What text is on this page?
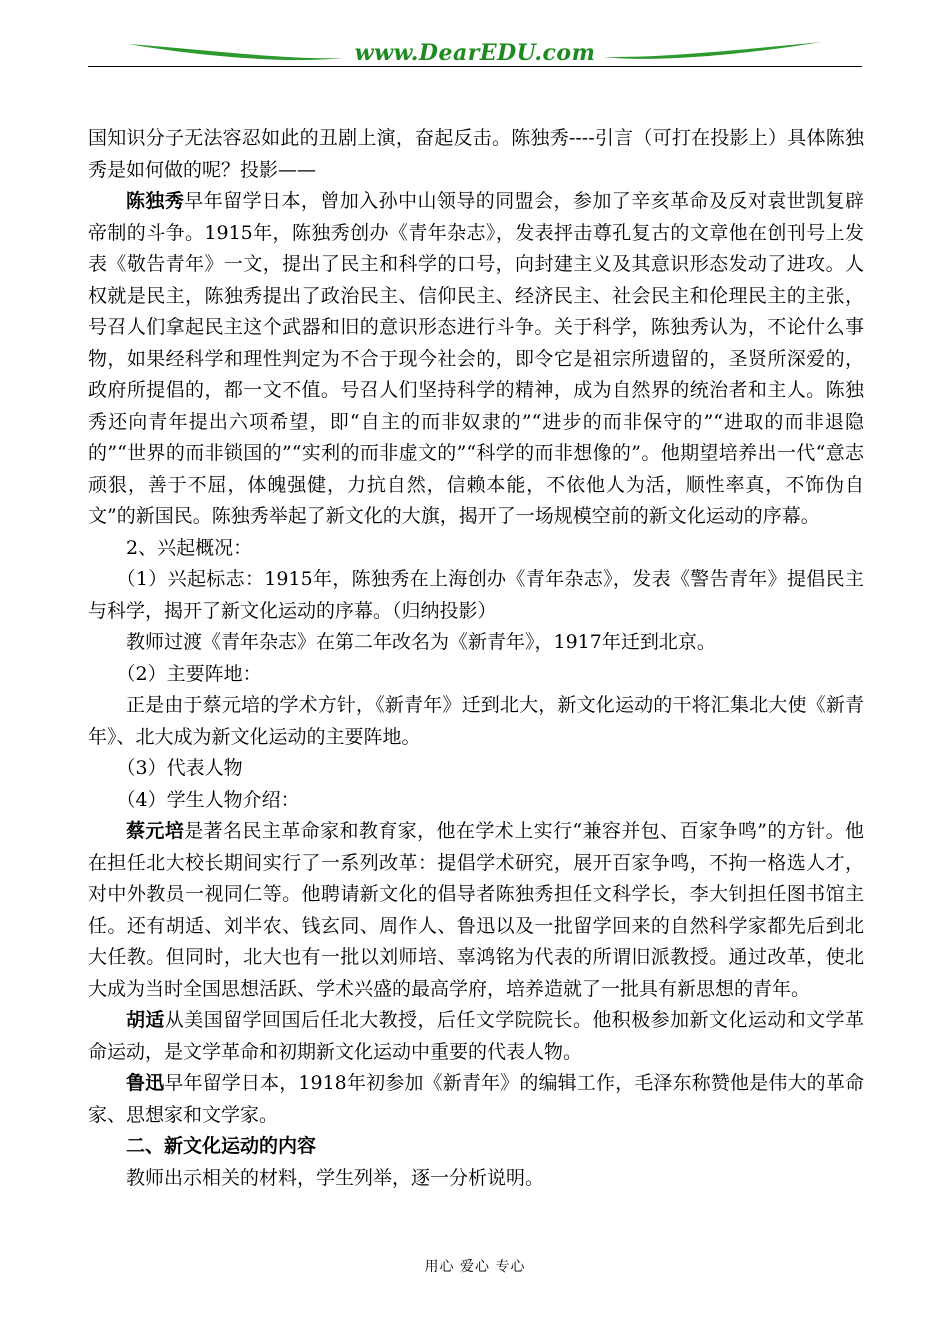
www.DearEDU.com

国知识分子无法容忍如此的丑剧上演，奋起反击。陈独秀----引言（可打在投影上）具体陈独秀是如何做的呢？投影——

陈独秀早年留学日本，曾加入孙中山领导的同盟会，参加了辛亥革命及反对袁世凯复辟帝制的斗争。1915年，陈独秀创办《青年杂志》，发表抨击尊孔复古的文章他在创刊号上发表《敬告青年》一文，提出了民主和科学的口号，向封建主义及其意识形态发动了进攻。人权就是民主，陈独秀提出了政治民主、信仰民主、经济民主、社会民主和伦理民主的主张，号召人们拿起民主这个武器和旧的意识形态进行斗争。关于科学，陈独秀认为，不论什么事物，如果经科学和理性判定为不合于现今社会的，即令它是祖宗所遗留的，圣贤所深爱的，政府所提倡的，都一文不值。号召人们坚持科学的精神，成为自然界的统治者和主人。陈独秀还向青年提出六项希望，即“自主的而非奴隶的”“进步的而非保守的”“进取的而非退隐的”“世界的而非锁国的”“实利的而非虚文的”“科学的而非想像的”。他期望培养出一代“意志顽狠，善于不屈，体魄强健，力抗自然，信赖本能，不依他人为活，顺性率真，不饰伪自文”的新国民。陈独秀举起了新文化的大旗，揭开了一场规模空前的新文化运动的序幕。

2、兴起概况：

（1）兴起标志：1915年，陈独秀在上海创办《青年杂志》，发表《警告青年》提倡民主与科学，揭开了新文化运动的序幕。（归纳投影）

教师过渡《青年杂志》在第二年改名为《新青年》，1917年迁到北京。

（2）主要阵地：

正是由于蔡元培的学术方针，《新青年》迁到北大，新文化运动的干将汇集北大使《新青年》、北大成为新文化运动的主要阵地。

（3）代表人物

（4）学生人物介绍：

蔡元培是著名民主革命家和教育家，他在学术上实行“兼容并包、百家争鸣”的方针。他在担任北大校长期间实行了一系列改革：提倡学术研究，展开百家争鸣，不拘一格选人才，对中外教员一视同仁等。他聘请新文化的倡导者陈独秀担任文科学长，李大钊担任图书馆主任。还有胡适、刘半农、钱玄同、周作人、鲁迅以及一批留学回来的自然科学家都先后到北大任教。但同时，北大也有一批以刘师培、辜鸿铭为代表的所谓旧派教授。通过改革，使北大成为当时全国思想活跃、学术兴盛的最高学府，培养造就了一批具有新思想的青年。

胡适从美国留学回国后任北大教授，后任文学院院长。他积极参加新文化运动和文学革命运动，是文学革命和初期新文化运动中重要的代表人物。

鲁迅早年留学日本，1918年初参加《新青年》的编辑工作，毛泽东称赞他是伟大的革命家、思想家和文学家。

二、新文化运动的内容

教师出示相关的材料，学生列举，逐一分析说明。

用心 爱心 专心
